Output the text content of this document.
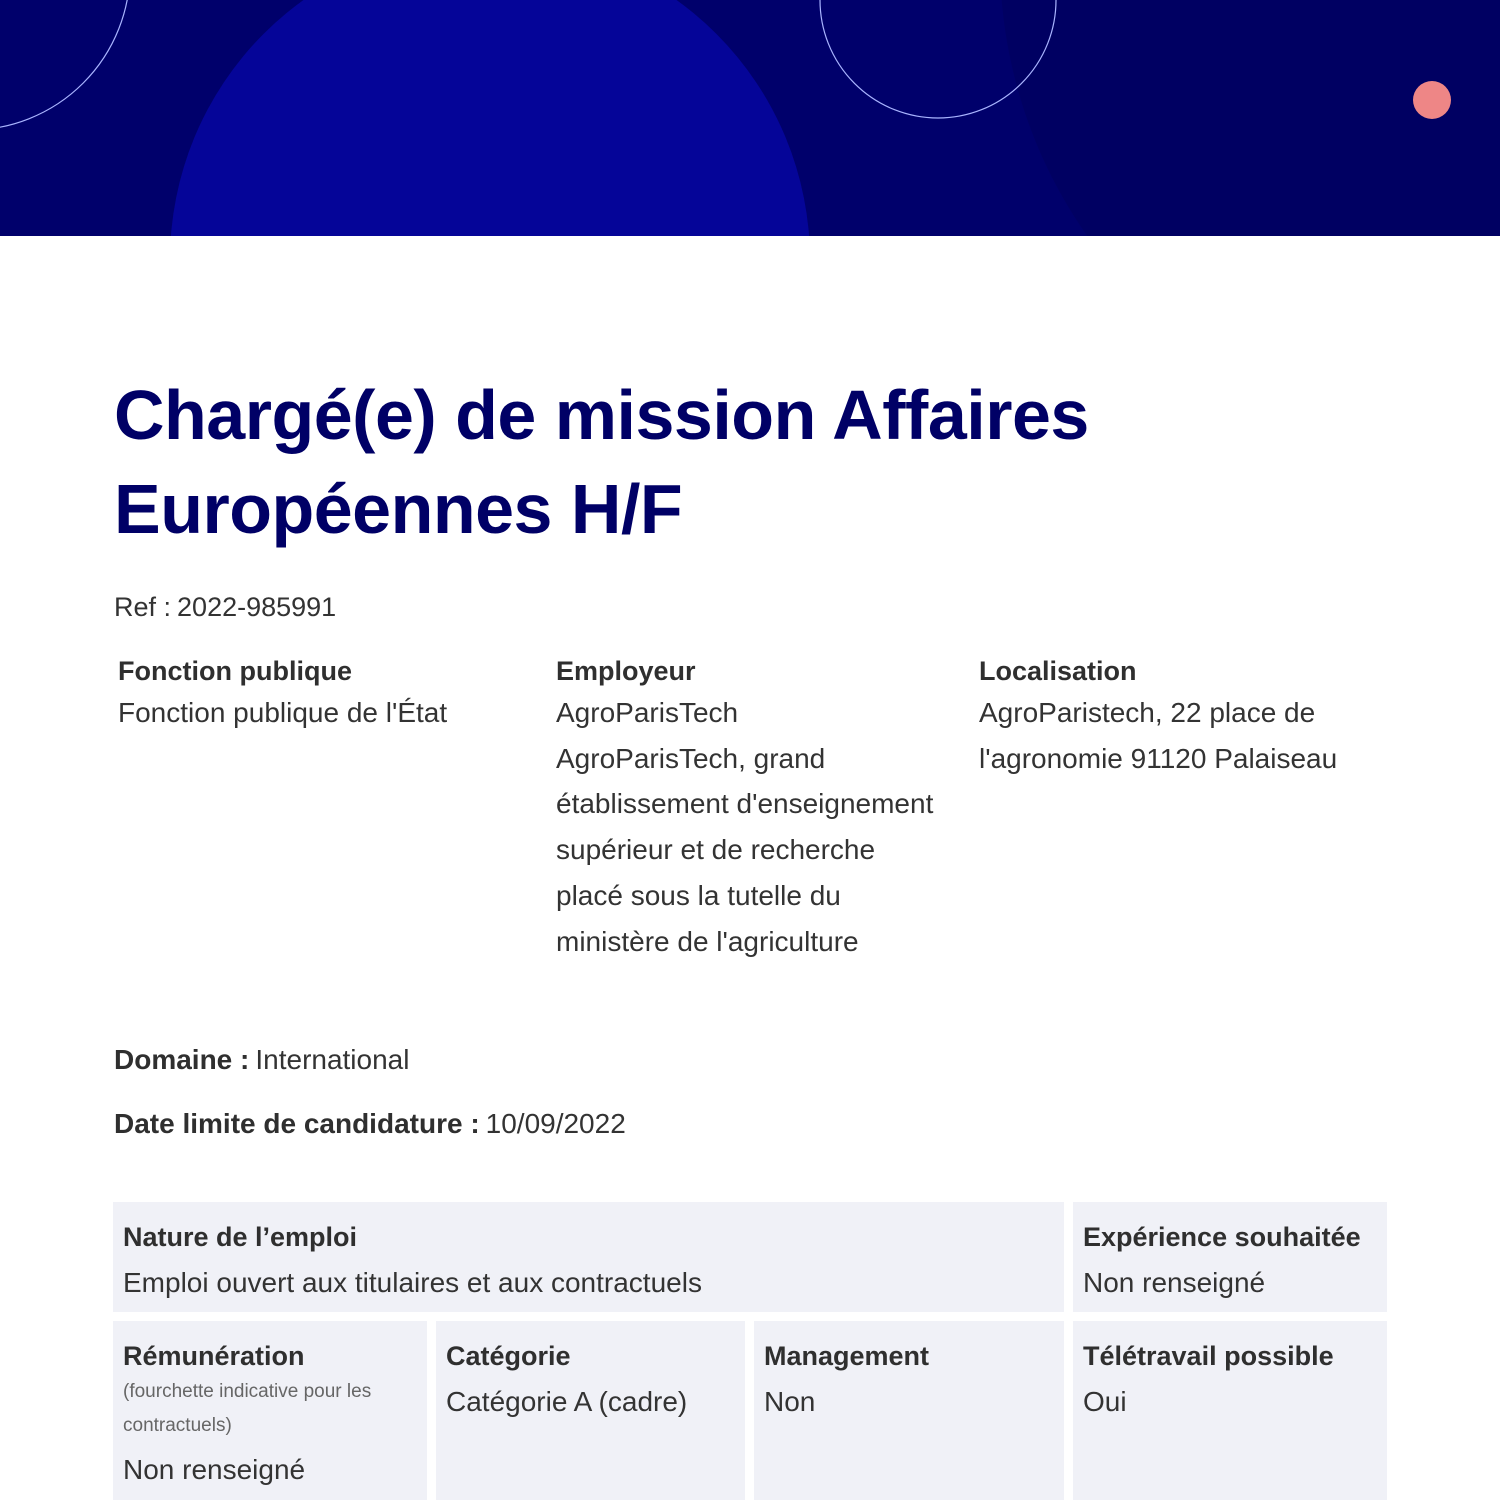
Chargé(e) de mission Affaires Européennes H/F
Ref : 2022-985991
Fonction publique
Fonction publique de l'État
Employeur
AgroParisTech
AgroParisTech, grand établissement d'enseignement supérieur et de recherche placé sous la tutelle du ministère de l'agriculture
Localisation
AgroParistech, 22 place de l'agronomie 91120 Palaiseau
Domaine : International
Date limite de candidature : 10/09/2022
Nature de l’emploi
Emploi ouvert aux titulaires et aux contractuels
Expérience souhaitée
Non renseigné
Rémunération
(fourchette indicative pour les contractuels)
Non renseigné
Catégorie
Catégorie A (cadre)
Management
Non
Télétravail possible
Oui
